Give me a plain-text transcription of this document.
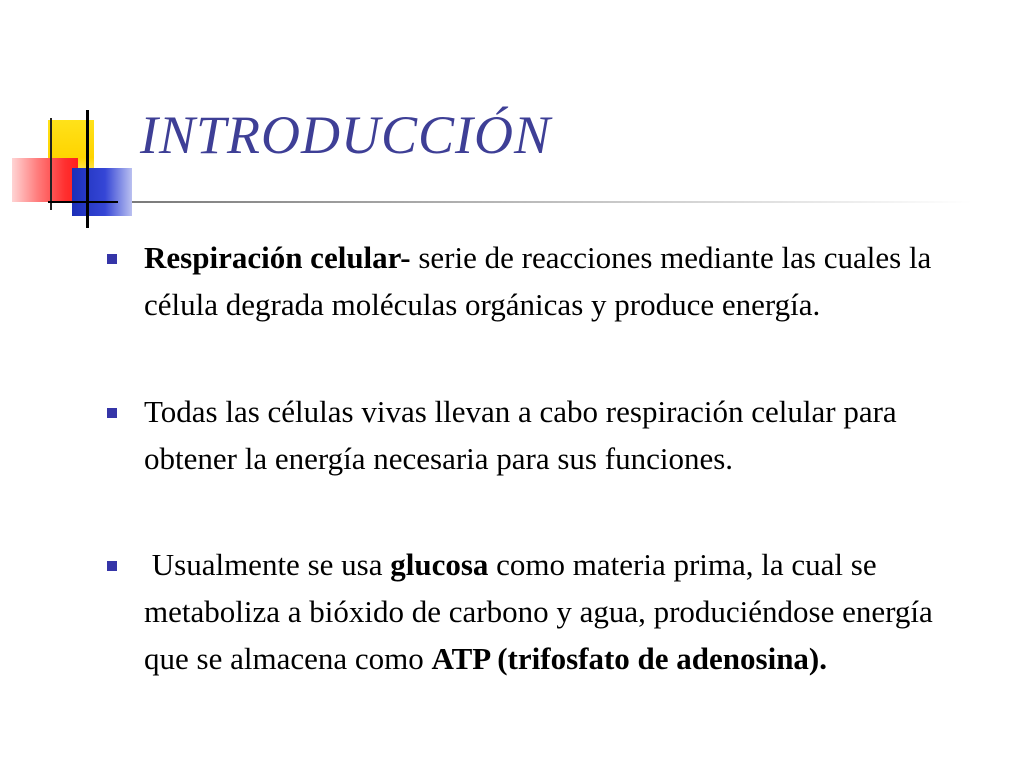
INTRODUCCIÓN
Respiración celular- serie de reacciones mediante las cuales la célula degrada moléculas orgánicas y produce energía.
Todas las células vivas llevan a cabo respiración celular para obtener la energía necesaria para sus funciones.
Usualmente se usa glucosa como materia prima, la cual se metaboliza a bióxido de carbono y agua, produciéndose energía que se almacena como ATP (trifosfato de adenosina).
